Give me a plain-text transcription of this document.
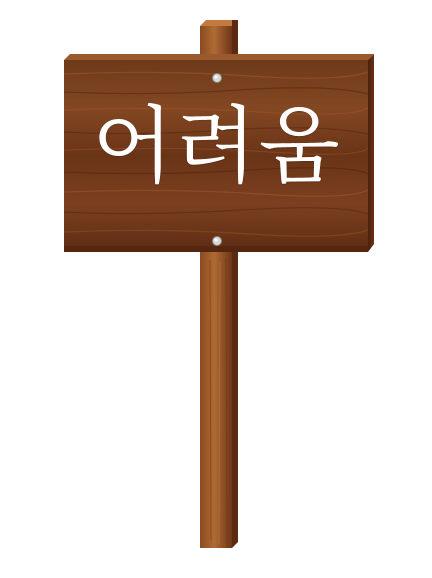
어려움
